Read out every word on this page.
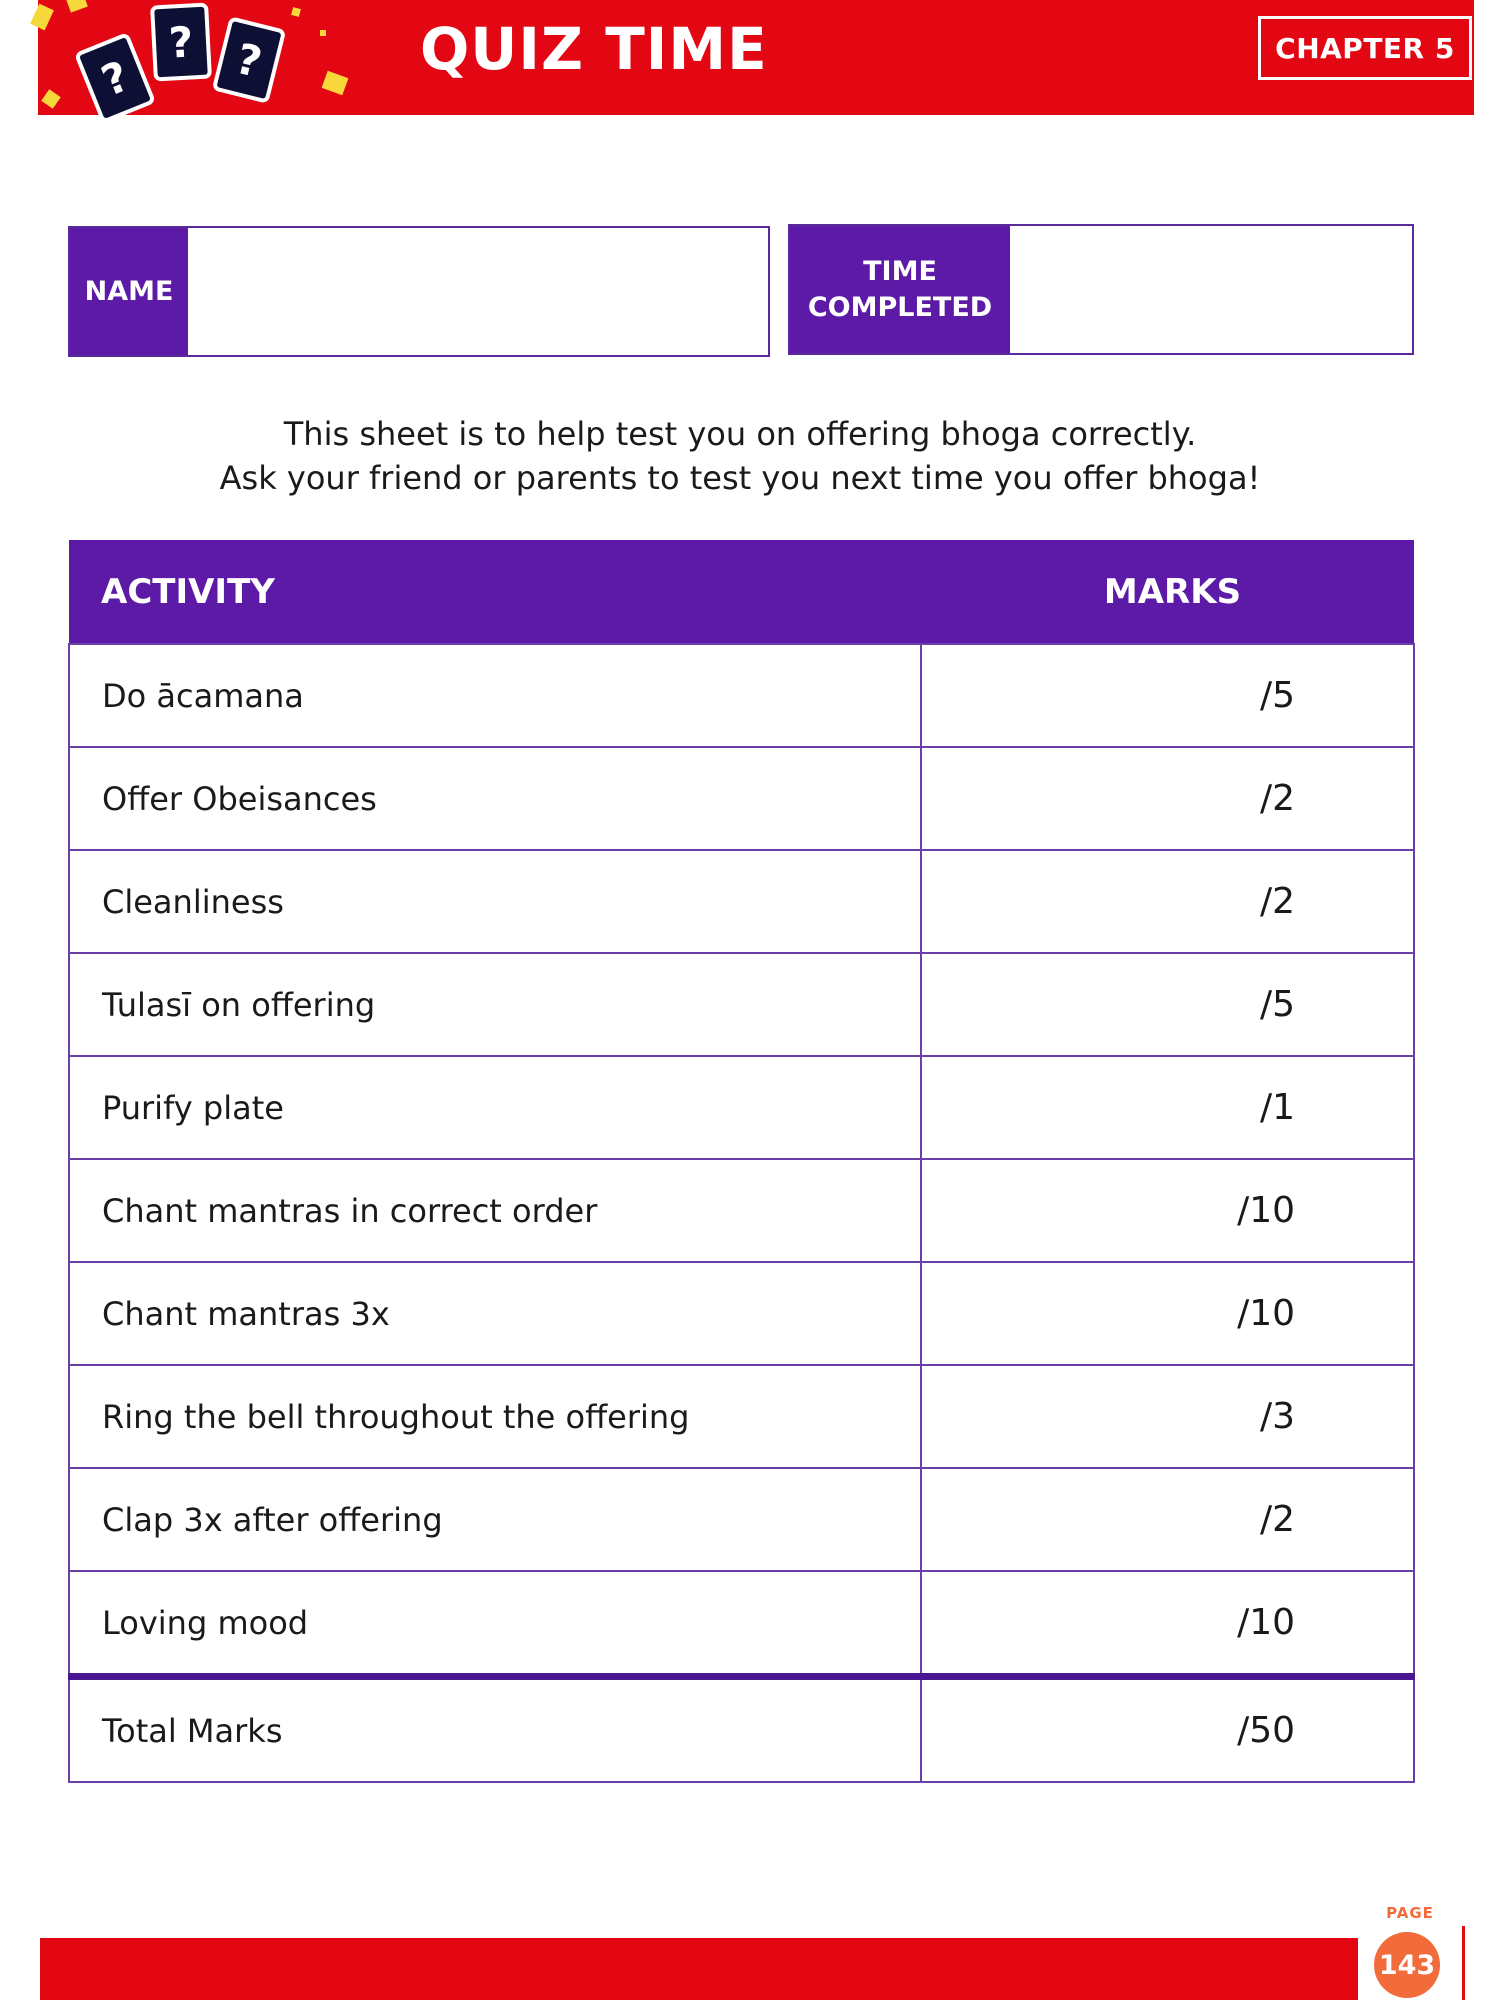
?
? ?	QUIZ TIME	CHAPTER 5
NAME
TIME COMPLETED
This sheet is to help test you on offering bhoga correctly.
Ask your friend or parents to test you next time you offer bhoga!
ACTIVITY	MARKS
Do ācamana	/5
Offer Obeisances	/2
Cleanliness	/2
Tulasī on offering	/5
Purify plate	/1
Chant mantras in correct order	/10
Chant mantras 3x	/10
Ring the bell throughout the offering	/3
Clap 3x after offering	/2
Loving mood	/10
Total Marks	/50
PAGE
143
